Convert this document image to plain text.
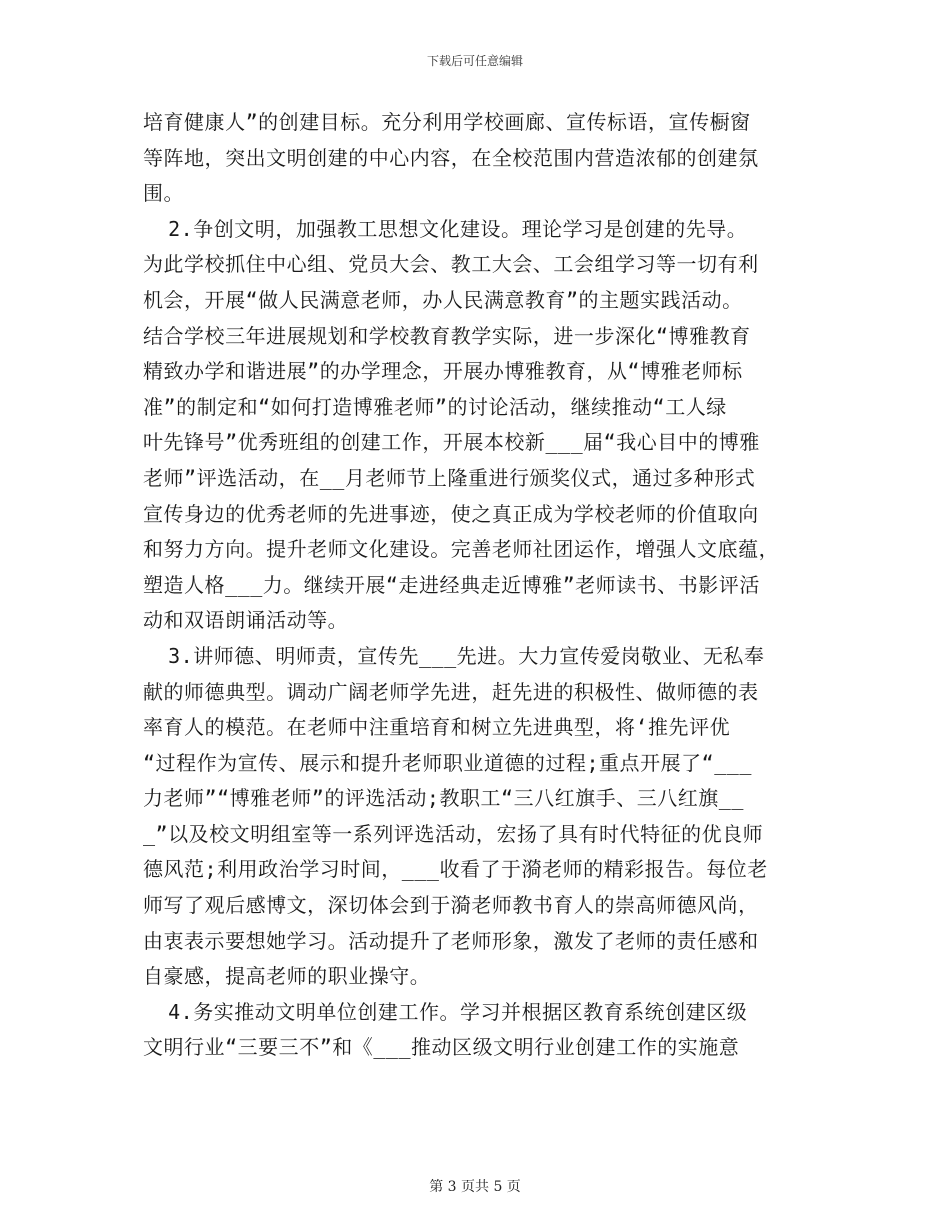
下载后可任意编辑
培育健康人”的创建目标。充分利用学校画廊、宣传标语，宣传橱窗
等阵地，突出文明创建的中心内容，在全校范围内营造浓郁的创建氛
围。
2.争创文明，加强教工思想文化建设。理论学习是创建的先导。
为此学校抓住中心组、党员大会、教工大会、工会组学习等一切有利
机会，开展“做人民满意老师，办人民满意教育”的主题实践活动。
结合学校三年进展规划和学校教育教学实际，进一步深化“博雅教育
精致办学和谐进展”的办学理念，开展办博雅教育，从“博雅老师标
准”的制定和“如何打造博雅老师”的讨论活动，继续推动“工人绿
叶先锋号”优秀班组的创建工作，开展本校新___届“我心目中的博雅
老师”评选活动，在__月老师节上隆重进行颁奖仪式，通过多种形式
宣传身边的优秀老师的先进事迹，使之真正成为学校老师的价值取向
和努力方向。提升老师文化建设。完善老师社团运作，增强人文底蕴，
塑造人格___力。继续开展“走进经典走近博雅”老师读书、书影评活
动和双语朗诵活动等。
3.讲师德、明师责，宣传先___先进。大力宣传爱岗敬业、无私奉
献的师德典型。调动广阔老师学先进，赶先进的积极性、做师德的表
率育人的模范。在老师中注重培育和树立先进典型，将‘推先评优
“过程作为宣传、展示和提升老师职业道德的过程;重点开展了“___
力老师”“博雅老师”的评选活动;教职工“三八红旗手、三八红旗__
_”以及校文明组室等一系列评选活动，宏扬了具有时代特征的优良师
德风范;利用政治学习时间，___收看了于漪老师的精彩报告。每位老
师写了观后感博文，深切体会到于漪老师教书育人的崇高师德风尚，
由衷表示要想她学习。活动提升了老师形象，激发了老师的责任感和
自豪感，提高老师的职业操守。
4.务实推动文明单位创建工作。学习并根据区教育系统创建区级
文明行业“三要三不”和《___推动区级文明行业创建工作的实施意
第 3 页共 5 页
